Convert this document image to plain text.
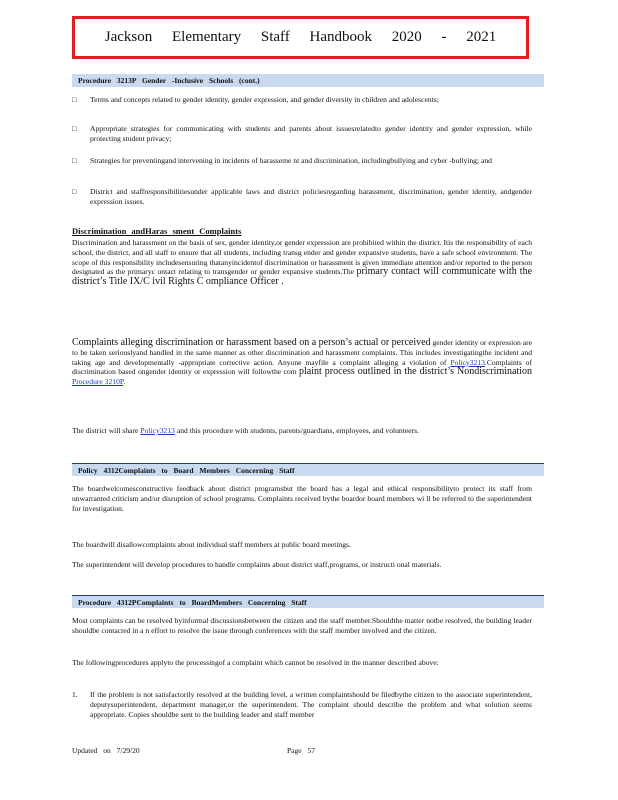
Jackson Elementary Staff Handbook 2020 - 2021
Procedure 3213P Gender -Inclusive Schools (cont.)
□	Terms and concepts related to gender identity, gender expression, and gender diversity in children and adolescents;
□	Appropriate strategies for communicating with students and parents about issuesrelatedto gender identity and gender expression, while protecting student privacy;
□	Strategies for preventingand intervening in incidents of harasseme nt and discrimination, includingbullying and cyber -bullying; and
□	District and staffresponsibilitiesunder applicable laws and district policiesregarding harassment, discrimination, gender identity, andgender expression issues.
Discrimination andHaras sment Complaints
Discrimination and harassment on the basis of sex, gender identity,or gender expression are prohibited within the district. Itis the responsibility of each school, the district, and all staff to ensure that all students, including transg ender and gender expansive students, have a safe school environment. The scope of this responsibility includesensuring thatanyincidentof discrimination or harassment is given immediate attention and/or reported to the person designated as the primaryc ontact relating to transgender or gender expansive students.The primary contact will communicate with the district’s Title IX/C ivil Rights C ompliance Officer .
Complaints alleging discrimination or harassment based on a person’s actual or perceived gender identity or expression are to be taken seriouslyand handled in the same manner as other discrimination and harassment complaints. This includes investigatingthe incident and taking age and developmentally -appropriate corrective action. Anyone mayfile a complaint alleging a violation of Policy3213.Complaints of discrimination based ongender identity or expression will followthe com plaint process outlined in the district’s Nondiscrimination Procedure 3210P.
The district will share Policy3213 and this procedure with students, parents/guardians, employees, and volunteers.
Policy 4312Complaints to Board Members Concerning Staff
The boardwelcomesconstructive feedback about district programsbut the board has a legal and ethical responsibilityto protect its staff from unwarranted criticism and/or disruption of school programs. Complaints received bythe boardor board members wi ll be referred to the superintendent for investigation.
The boardwill disallowcomplaints about individual staff members at public board meetings.
The superintendent will develop procedures to handle complaints about district staff,programs, or instructi onal materials.
Procedure 4312PComplaints to BoardMembers Concerning Staff
Most complaints can be resolved byinformal discussionsbetween the citizen and the staff member.Shouldthe matter notbe resolved, the building leader shouldbe contacted in a n effort to resolve the issue through conferences with the staff member involved and the citizen.
The followingprocedures applyto the processingof a complaint which cannot be resolved in the manner described above:
1.	If the problem is not satisfactorily resolved at the building level, a written complaintshould be filedbythe citizen to the associate superintendent, deputysuperintendent, department manager,or the superintendent. The complaint should describe the problem and what solution seems appropriate. Copies shouldbe sent to the building leader and staff member
Updated on 7/29/20	Page 57
